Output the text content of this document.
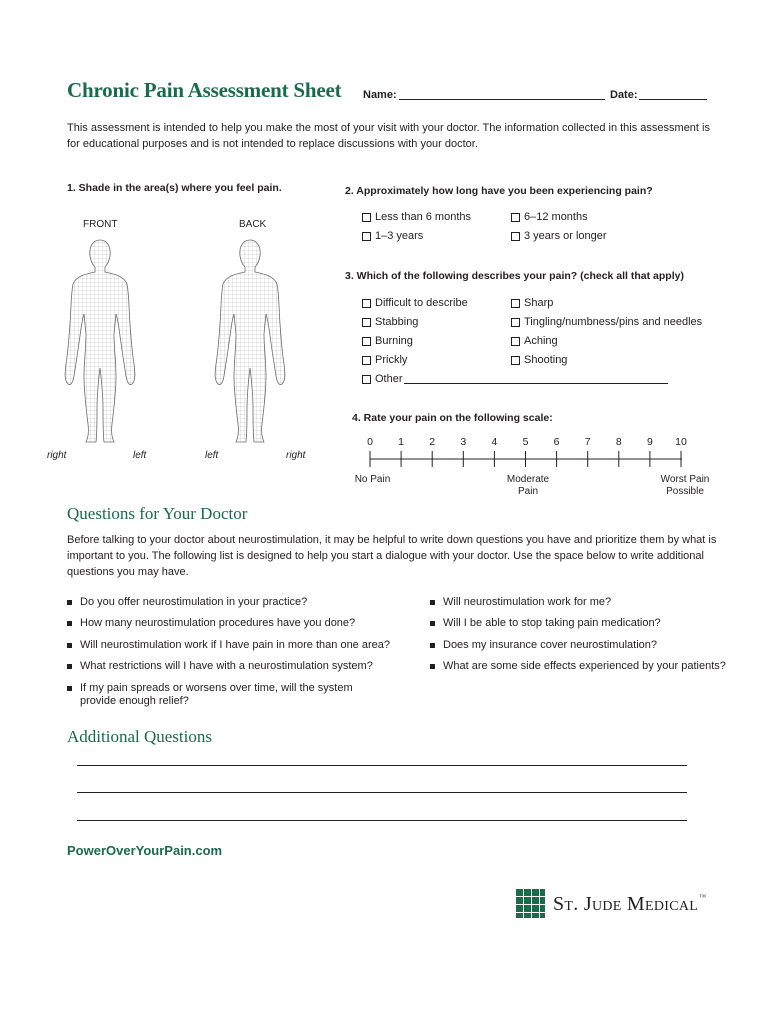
Chronic Pain Assessment Sheet Name:	Date:
This assessment is intended to help you make the most of your visit with your doctor. The information collected in this assessment is for educational purposes and is not intended to replace discussions with your doctor.
1. Shade in the area(s) where you feel pain.
FRONT	BACK
right	left	left	right
2. Approximately how long have you been experiencing pain?
Less than 6 months	6–12 months
1–3 years	3 years or longer
3. Which of the following describes your pain? (check all that apply)
Difficult to describe	Sharp
Stabbing	Tingling/numbness/pins and needles
Burning	Aching
Prickly	Shooting
Other
4. Rate your pain on the following scale:
0	1	2	3	4	5	6	7	8	9	10
No Pain	Moderate
Pain
Worst Pain
Possible
Questions for Your Doctor
Before talking to your doctor about neurostimulation, it may be helpful to write down questions you have and prioritize them by what is important to you. The following list is designed to help you start a dialogue with your doctor. Use the space below to write additional questions you may have.
Do you offer neurostimulation in your practice?
How many neurostimulation procedures have you done?
Will neurostimulation work if I have pain in more than one area?
What restrictions will I have with a neurostimulation system?
If my pain spreads or worsens over time, will the system provide enough relief?
Will neurostimulation work for me?
Will I be able to stop taking pain medication?
Does my insurance cover neurostimulation?
What are some side effects experienced by your patients?
Additional Questions
PowerOverYourPain.com
St. Jude Medical ™
